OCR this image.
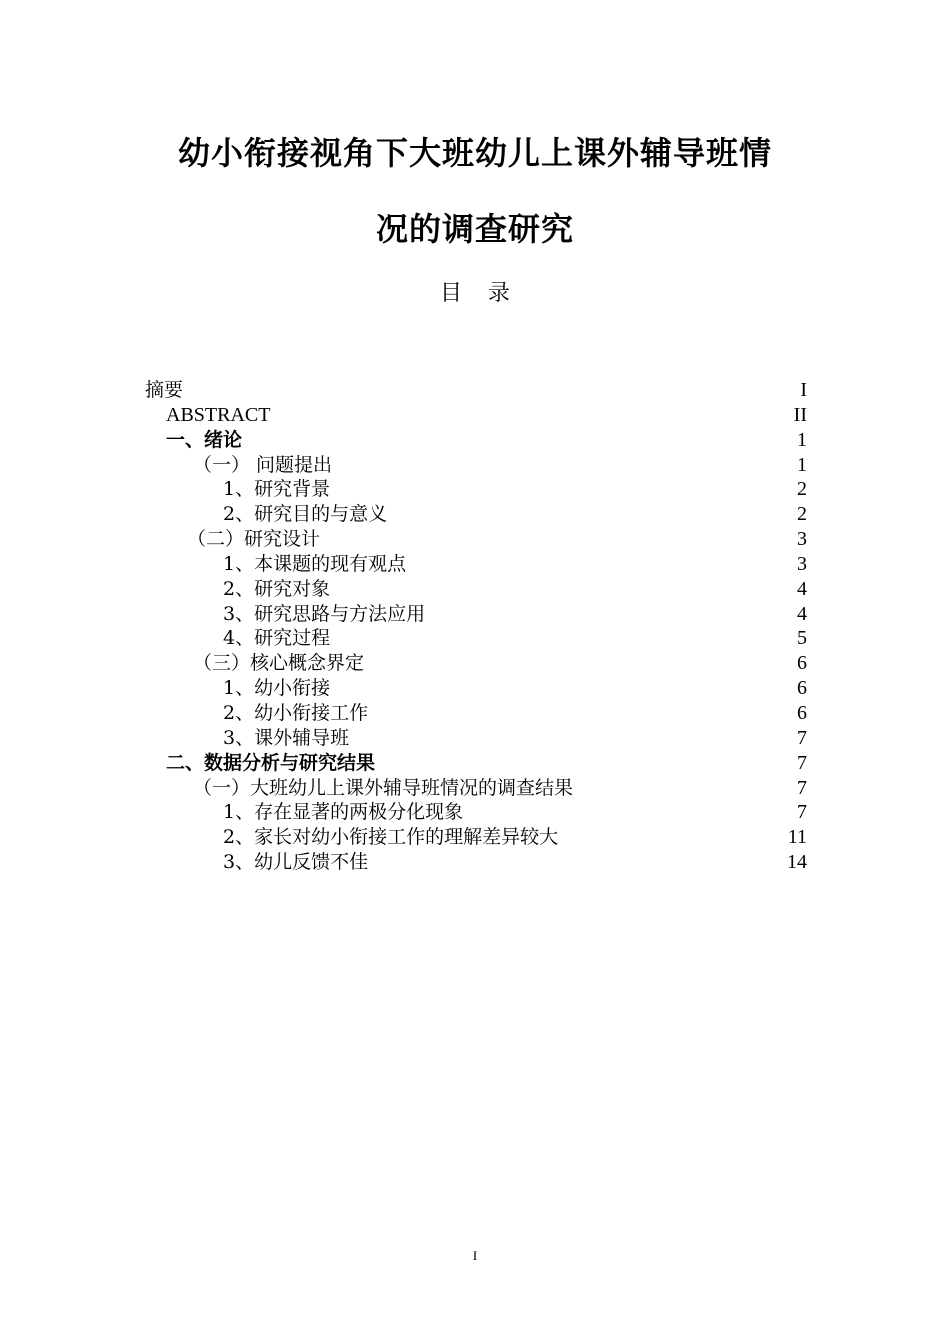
幼小衔接视角下大班幼儿上课外辅导班情
况的调查研究
目录
摘要	I
ABSTRACT	II
一、绪论	1
（一） 问题提出	1
1、研究背景	2
2、研究目的与意义	2
（二）研究设计	3
1、本课题的现有观点	3
2、研究对象	4
3、研究思路与方法应用	4
4、研究过程	5
（三）核心概念界定	6
1、幼小衔接	6
2、幼小衔接工作	6
3、课外辅导班	7
二、数据分析与研究结果	7
（一）大班幼儿上课外辅导班情况的调查结果	7
1、存在显著的两极分化现象	7
2、家长对幼小衔接工作的理解差异较大	11
3、幼儿反馈不佳	14
I
